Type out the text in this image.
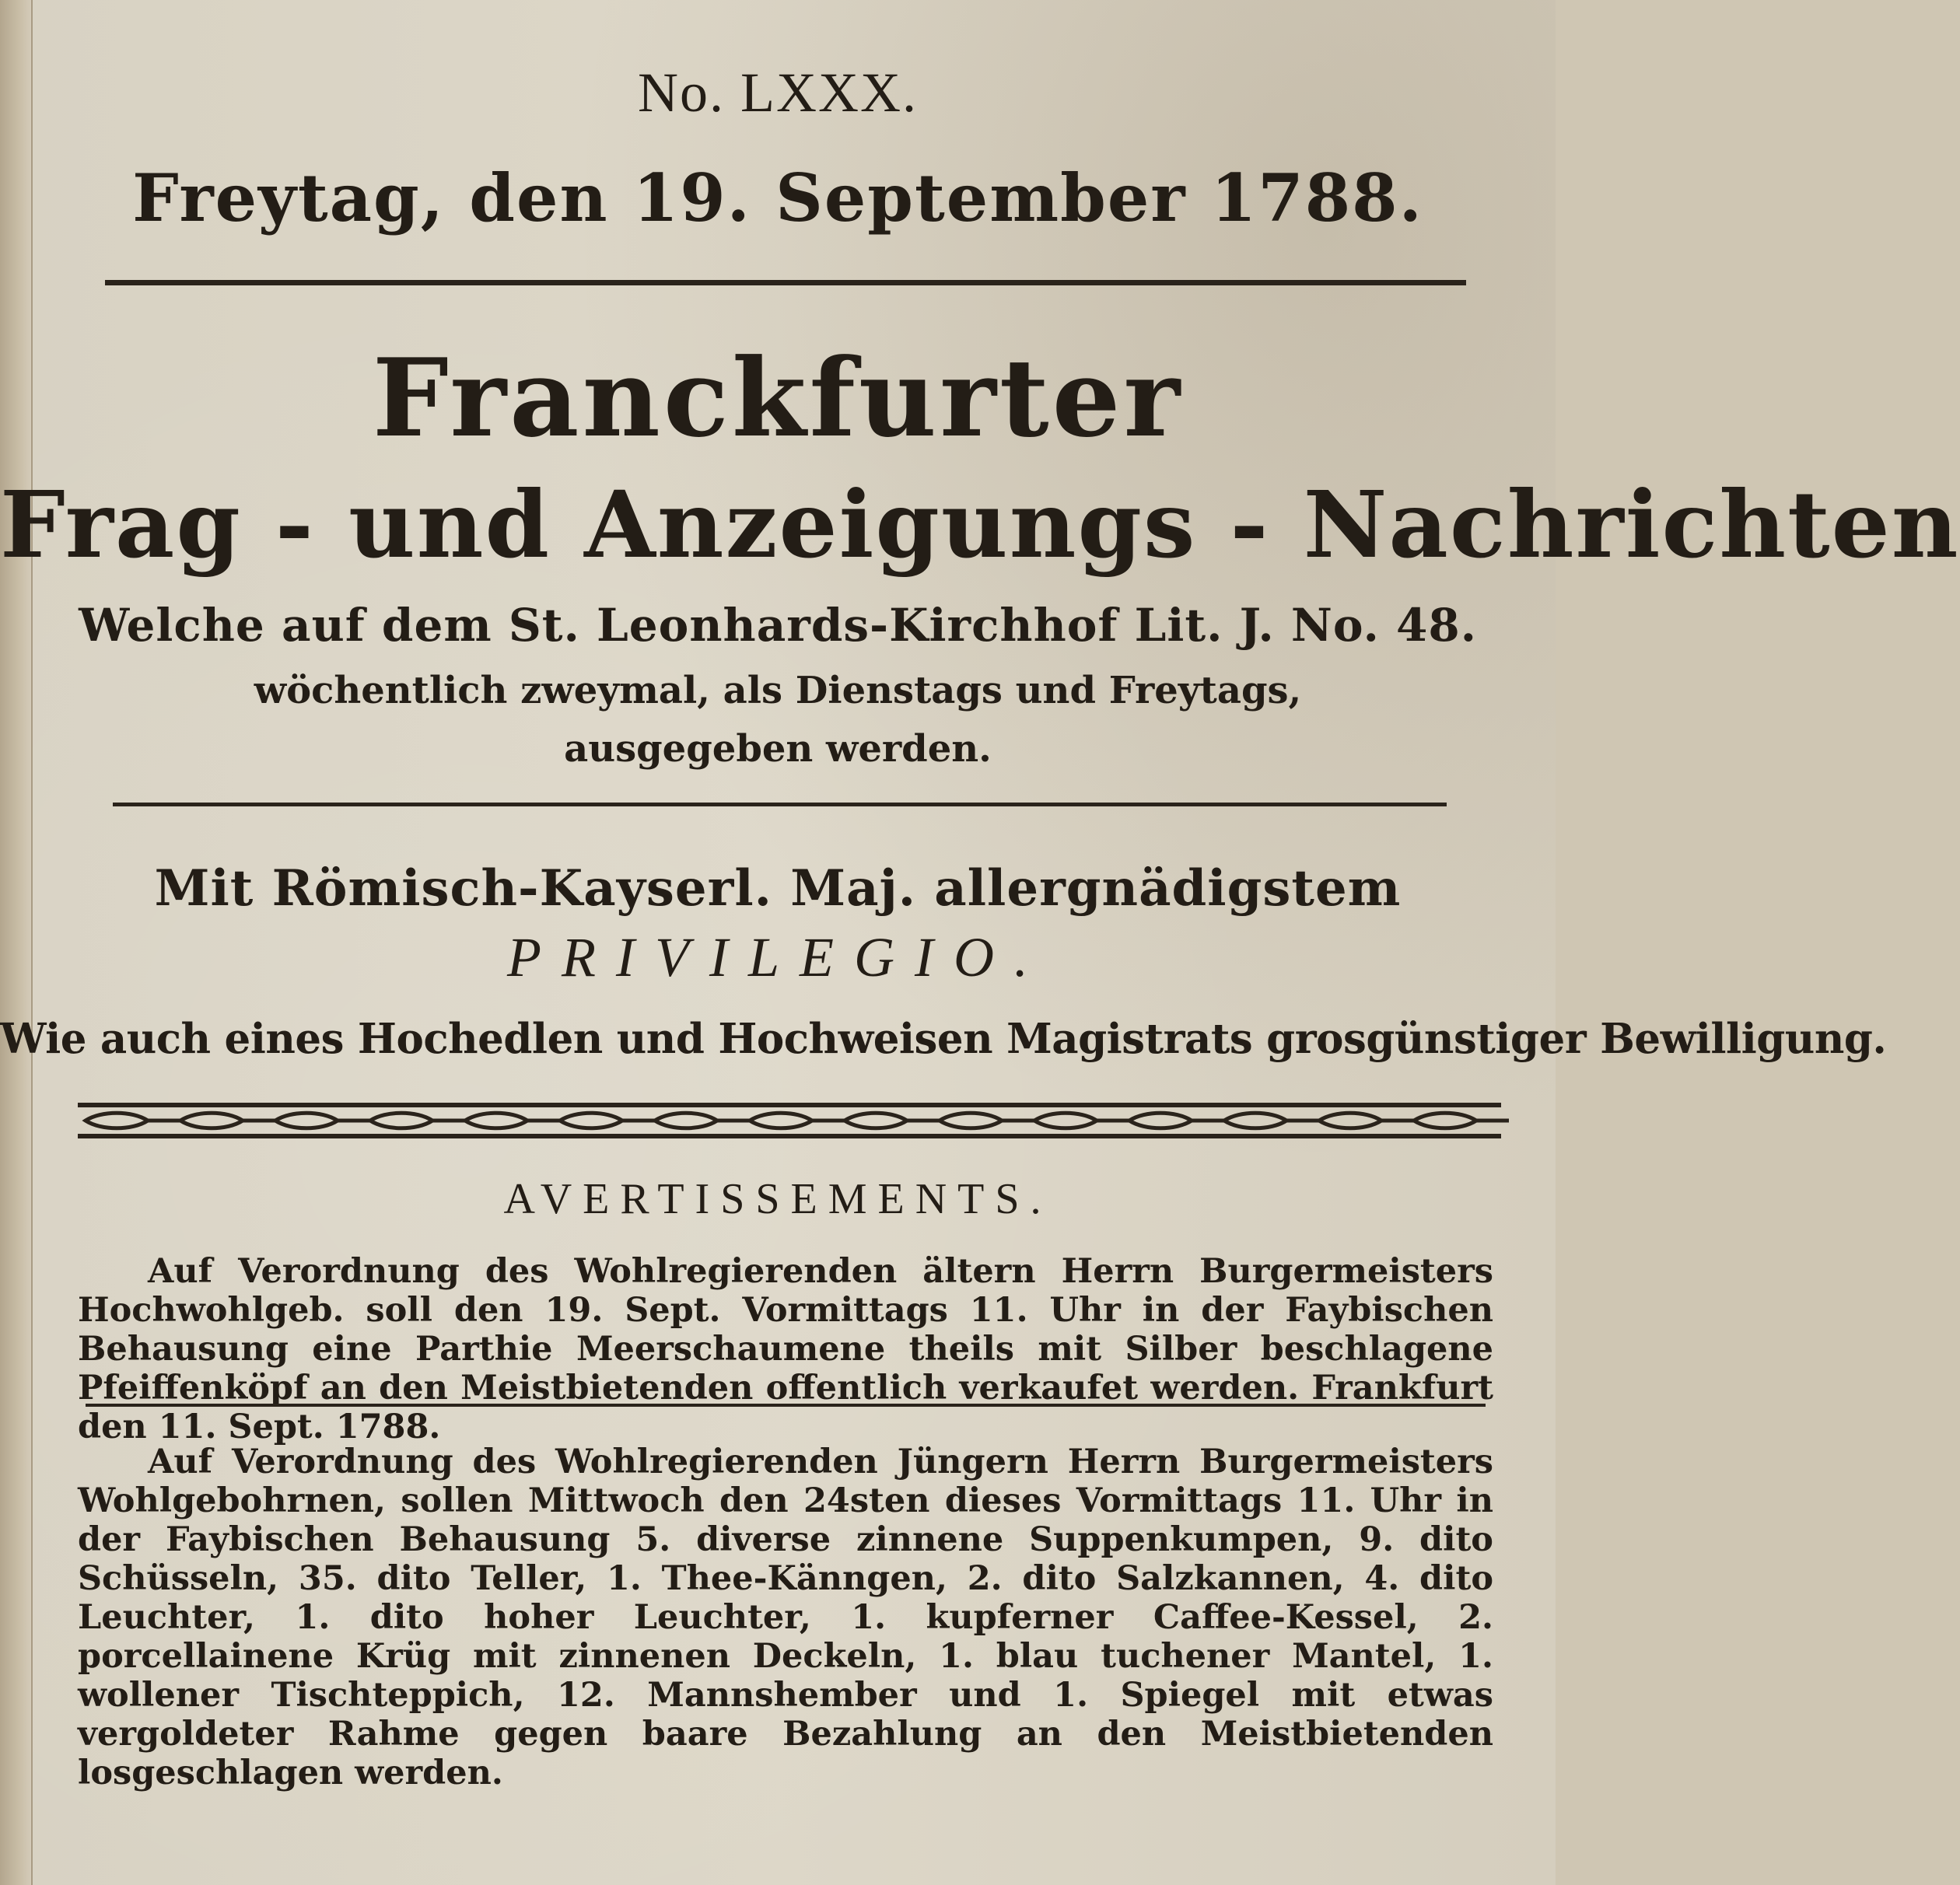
No. LXXX.
Freytag, den 19. September 1788.
Franckfurter
Frag - und Anzeigungs - Nachrichten
Welche auf dem St. Leonhards-Kirchhof Lit. J. No. 48.
wöchentlich zweymal, als Dienstags und Freytags,
ausgegeben werden.
Mit Römisch-Kayserl. Maj. allergnädigstem
PRIVILEGIO.
Wie auch eines Hochedlen und Hochweisen Magistrats grosgünstiger Bewilligung.
AVERTISSEMENTS.

Auf Verordnung des Wohlregierenden ältern Herrn Burgermeisters Hochwohlgeb. soll den 19. Sept. Vormittags 11. Uhr in der Faybischen Behausung eine Parthie Meerschaumene theils mit Silber beschlagene Pfeiffenköpf an den Meistbietenden offentlich verkaufet werden. Frankfurt den 11. Sept. 1788.

Auf Verordnung des Wohlregierenden Jüngern Herrn Burgermeisters Wohlgebohrnen, sollen Mittwoch den 24sten dieses Vormittags 11. Uhr in der Faybischen Behausung 5. diverse zinnene Suppenkumpen, 9. dito Schüsseln, 35. dito Teller, 1. Thee-Känngen, 2. dito Salzkannen, 4. dito Leuchter, 1. dito hoher Leuchter, 1. kupferner Caffee-Kessel, 2. porcellainene Krüg mit zinnenen Deckeln, 1. blau tuchener Mantel, 1. wollener Tischteppich, 12. Mannshember und 1. Spiegel mit etwas vergoldeter Rahme gegen baare Bezahlung an den Meistbietenden losgeschlagen werden.
